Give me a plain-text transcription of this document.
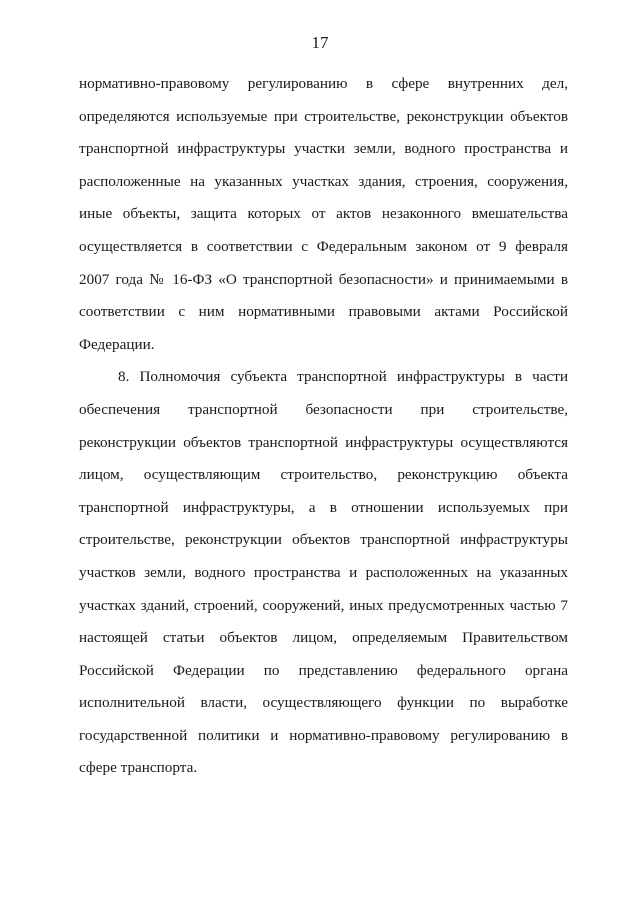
17
нормативно-правовому регулированию в сфере внутренних дел,
определяются используемые при строительстве, реконструкции объектов
транспортной инфраструктуры участки земли, водного пространства и
расположенные на указанных участках здания, строения, сооружения,
иные объекты, защита которых от актов незаконного вмешательства
осуществляется в соответствии с Федеральным законом от 9 февраля
2007 года № 16-ФЗ «О транспортной безопасности» и принимаемыми в
соответствии с ним нормативными правовыми актами Российской
Федерации.
8. Полномочия субъекта транспортной инфраструктуры в части
обеспечения транспортной безопасности при строительстве,
реконструкции объектов транспортной инфраструктуры осуществляются
лицом, осуществляющим строительство, реконструкцию объекта
транспортной инфраструктуры, а в отношении используемых при
строительстве, реконструкции объектов транспортной инфраструктуры
участков земли, водного пространства и расположенных на указанных
участках зданий, строений, сооружений, иных предусмотренных частью 7
настоящей статьи объектов лицом, определяемым Правительством
Российской Федерации по представлению федерального органа
исполнительной власти, осуществляющего функции по выработке
государственной политики и нормативно-правовому регулированию в
сфере транспорта.
